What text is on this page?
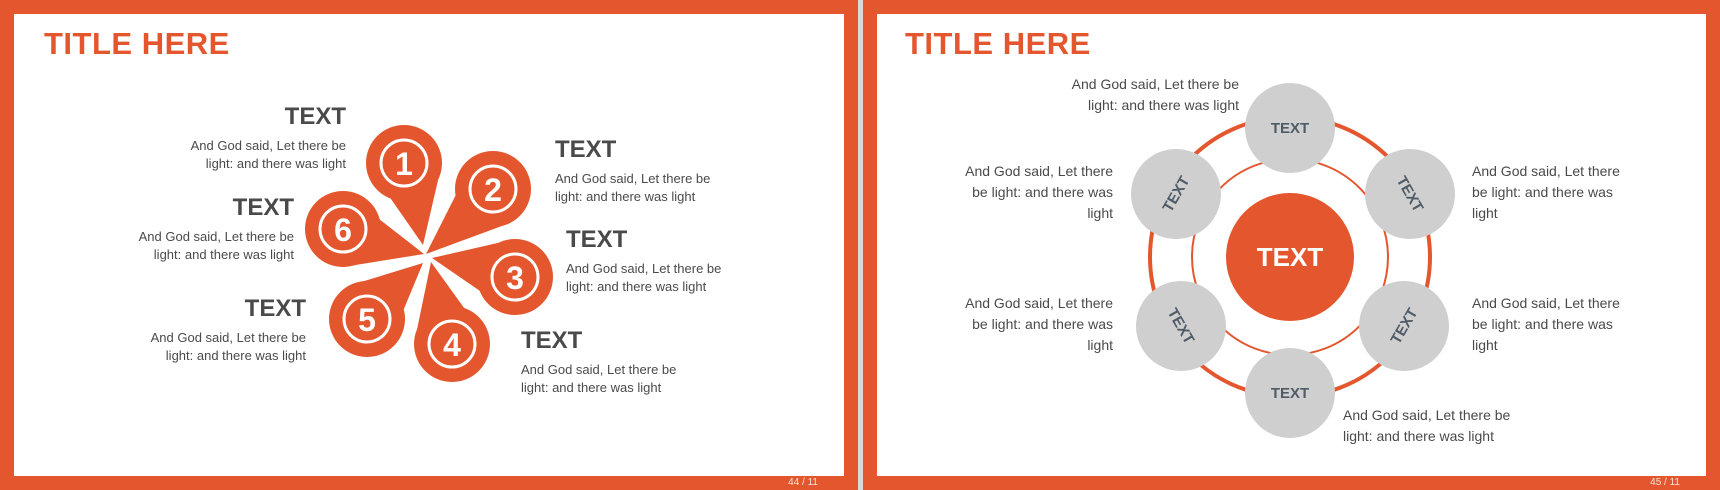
TITLE HERE
44 / 11
1
2
3
4
5
6
TEXT
And God said, Let there be
light: and there was light
TEXT
And God said, Let there be
light: and there was light
TEXT
And God said, Let there be
light: and there was light
TEXT
And God said, Let there be
light: and there was light
TEXT
And God said, Let there be
light: and there was light
TEXT
And God said, Let there be
light: and there was light
TITLE HERE
45 / 11
TEXT
TEXT
TEXT
TEXT
TEXT
TEXT
TEXT
And God said, Let there be
light: and there was light
And God said, Let there
be light: and there was
light
And God said, Let there
be light: and there was
light
And God said, Let there
be light: and there was
light
And God said, Let there
be light: and there was
light
And God said, Let there be
light: and there was light
